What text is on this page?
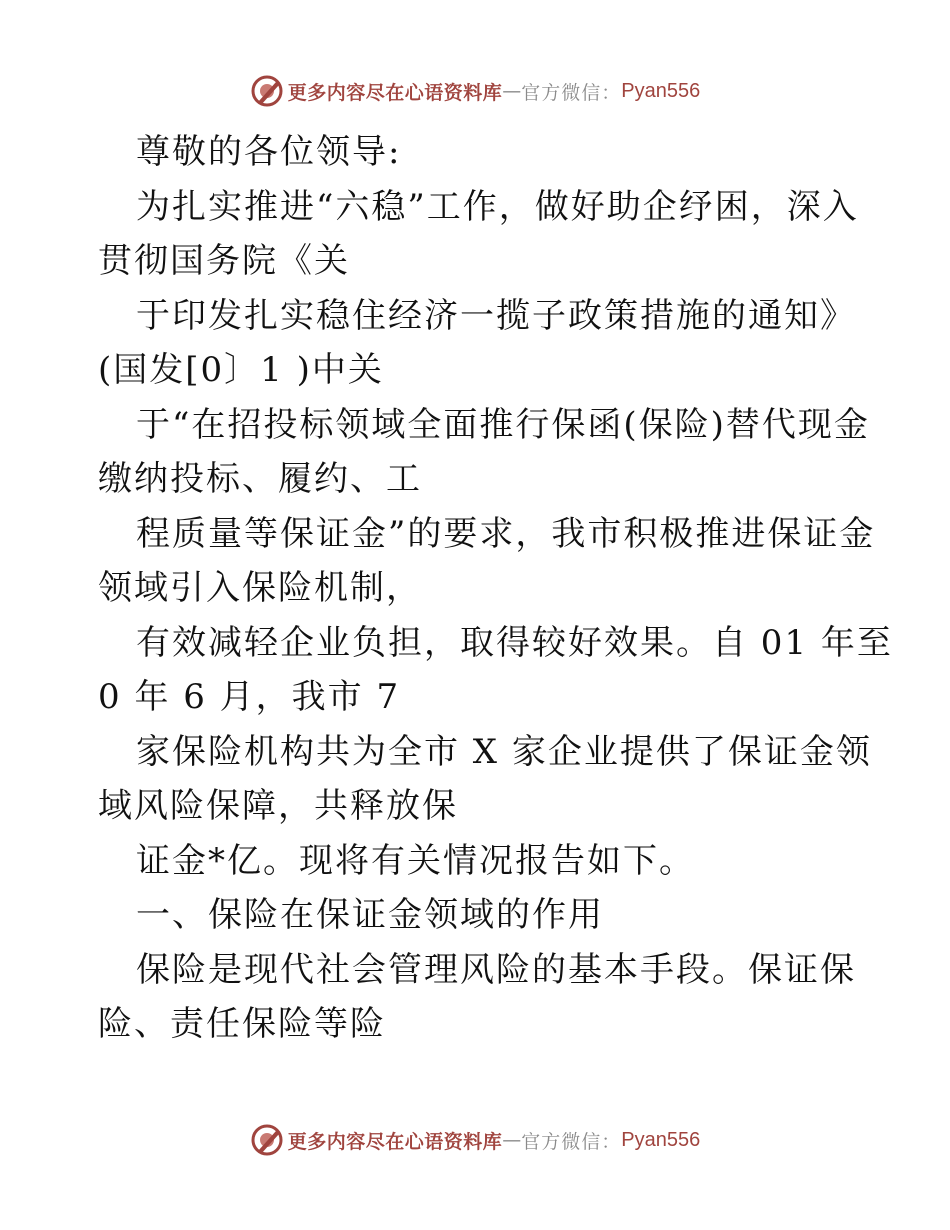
更多内容尽在心语资料库 — 官方微信： Pyan556
尊敬的各位领导:
为扎实推进“六稳”工作，做好助企纾困，深入
贯彻国务院《关
于印发扎实稳住经济一揽子政策措施的通知》
(国发[0〕1 )中关
于“在招投标领域全面推行保函(保险)替代现金
缴纳投标、履约、工
程质量等保证金”的要求，我市积极推进保证金
领域引入保险机制，
有效减轻企业负担，取得较好效果。自 01 年至
0 年 6 月，我市 7
家保险机构共为全市 X 家企业提供了保证金领
域风险保障，共释放保
证金*亿。现将有关情况报告如下。
一、保险在保证金领域的作用
保险是现代社会管理风险的基本手段。保证保
险、责任保险等险
更多内容尽在心语资料库 — 官方微信： Pyan556
